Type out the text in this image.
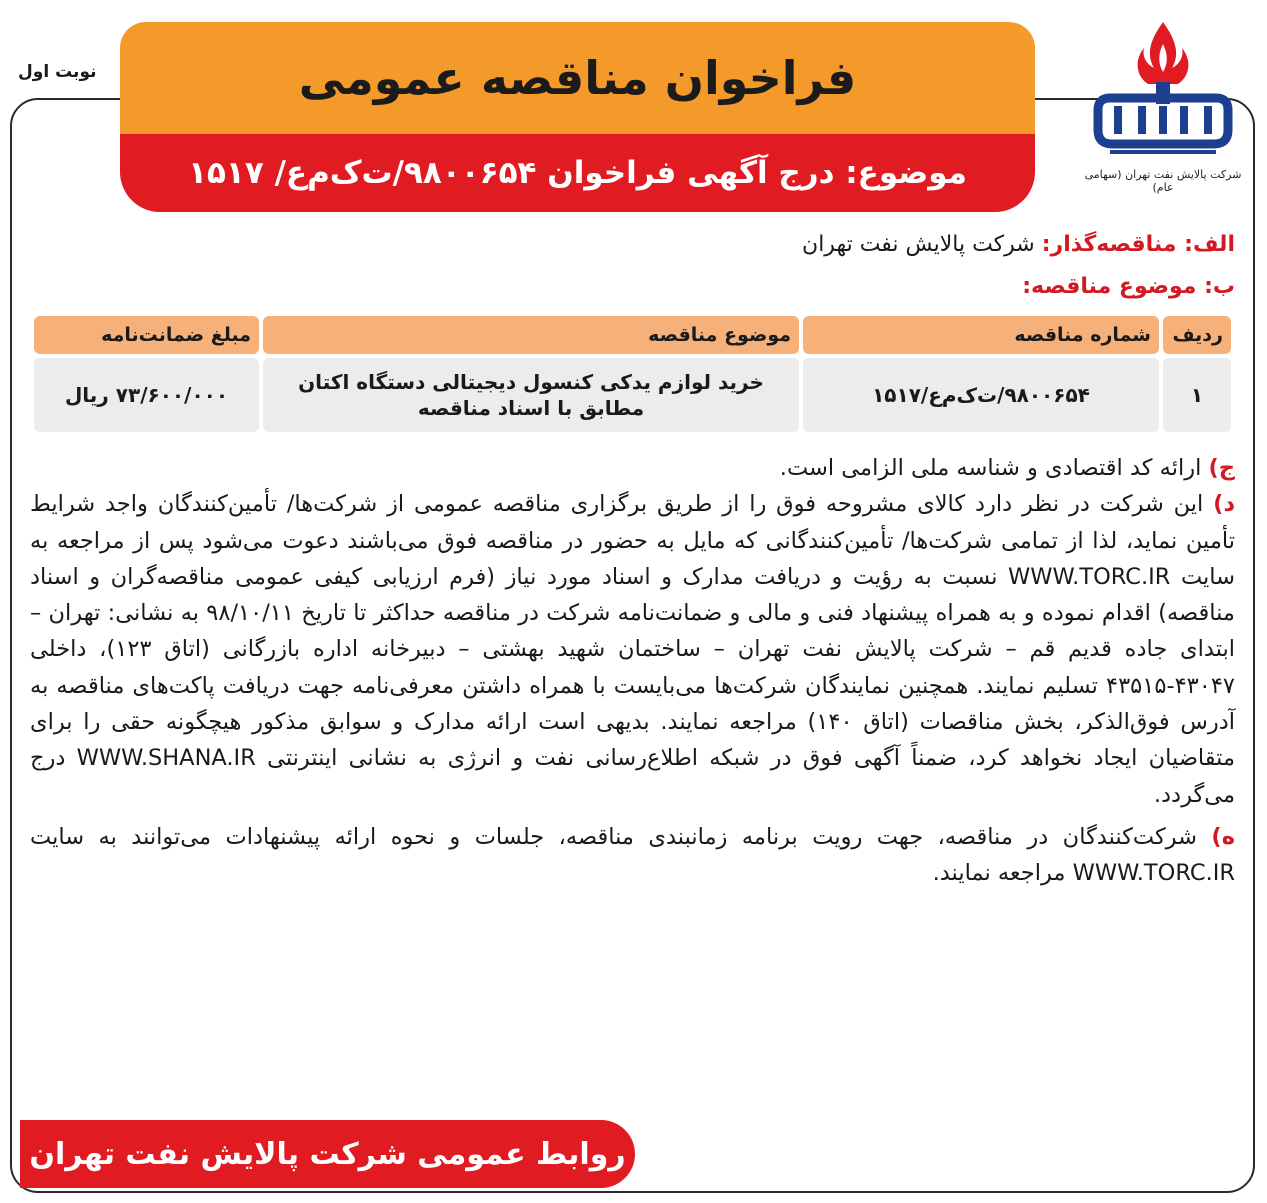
نوبت اول	فراخوان مناقصه عمومی
موضوع: درج آگهی فراخوان ۹۸۰۰۶۵۴/ت‌ک‌م‌ع/ ۱۵۱۷	شرکت پالایش نفت تهران (سهامی عام)

الف: مناقصه‌گذار: شرکت پالایش نفت تهران

ب: موضوع مناقصه:

ردیف	شماره مناقصه	موضوع مناقصه	مبلغ ضمانت‌نامه
۱	۹۸۰۰۶۵۴/ت‌ک‌م‌ع/۱۵۱۷	خرید لوازم یدکی کنسول دیجیتالی دستگاه اکتان
مطابق با اسناد مناقصه	۷۳/۶۰۰/۰۰۰ ریال

ج) ارائه کد اقتصادی و شناسه ملی الزامی است.

د) این شرکت در نظر دارد کالای مشروحه فوق را از طریق برگزاری مناقصه عمومی از شرکت‌ها/ تأمین‌کنندگان واجد شرایط تأمین نماید، لذا از تمامی شرکت‌ها/ تأمین‌کنندگانی که مایل به حضور در مناقصه فوق می‌باشند دعوت می‌شود پس از مراجعه به سایت WWW.TORC.IR نسبت به رؤیت و دریافت مدارک و اسناد مورد نیاز (فرم ارزیابی کیفی عمومی مناقصه‌گران و اسناد مناقصه) اقدام نموده و به همراه پیشنهاد فنی و مالی و ضمانت‌نامه شرکت در مناقصه حداکثر تا تاریخ ۹۸/۱۰/۱۱ به نشانی: تهران – ابتدای جاده قدیم قم – شرکت پالایش نفت تهران – ساختمان شهید بهشتی – دبیرخانه اداره بازرگانی (اتاق ۱۲۳)، داخلی ۴۳۰۴۷-۴۳۵۱۵ تسلیم نمایند. همچنین نمایندگان شرکت‌ها می‌بایست با همراه داشتن معرفی‌نامه جهت دریافت پاکت‌های مناقصه به آدرس فوق‌الذکر، بخش مناقصات (اتاق ۱۴۰) مراجعه نمایند. بدیهی است ارائه مدارک و سوابق مذکور هیچگونه حقی را برای متقاضیان ایجاد نخواهد کرد، ضمناً آگهی فوق در شبکه اطلاع‌رسانی نفت و انرژی به نشانی اینترنتی WWW.SHANA.IR درج می‌گردد.

ه) شرکت‌کنندگان در مناقصه، جهت رویت برنامه زمانبندی مناقصه، جلسات و نحوه ارائه پیشنهادات می‌توانند به سایت WWW.TORC.IR مراجعه نمایند.

روابط عمومی شرکت پالایش نفت تهران
